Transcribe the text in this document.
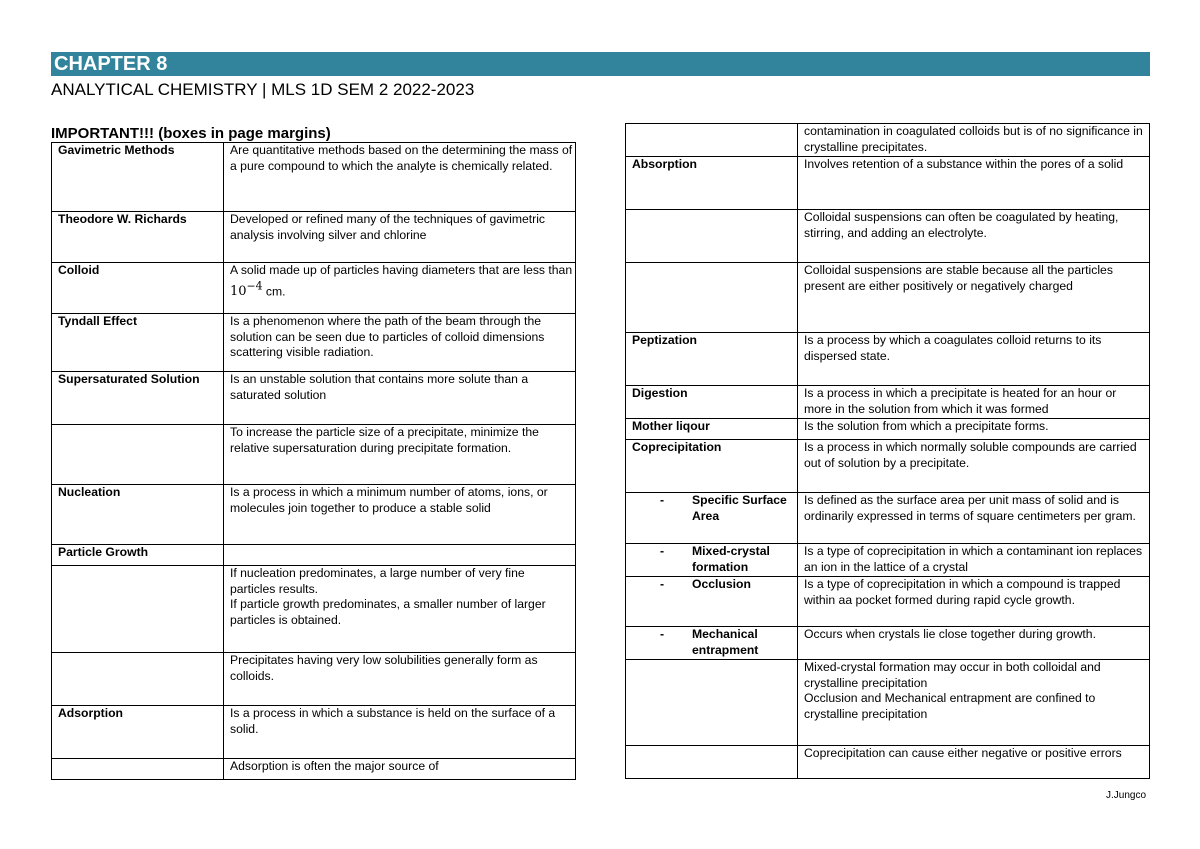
CHAPTER 8
ANALYTICAL CHEMISTRY | MLS 1D SEM 2 2022-2023
IMPORTANT!!! (boxes in page margins)
Gavimetric Methods	Are quantitative methods based on the determining the mass of a pure compound to which the analyte is chemically related.
Theodore W. Richards	Developed or refined many of the techniques of gavimetric analysis involving silver and chlorine
Colloid	A solid made up of particles having diameters that are less than $10^{-4}$ cm.
Tyndall Effect	Is a phenomenon where the path of the beam through the solution can be seen due to particles of colloid dimensions scattering visible radiation.
Supersaturated Solution	Is an unstable solution that contains more solute than a saturated solution
	To increase the particle size of a precipitate, minimize the relative supersaturation during precipitate formation.
Nucleation	Is a process in which a minimum number of atoms, ions, or molecules join together to produce a stable solid
Particle Growth	

	If nucleation predominates, a large number of very fine particles results.
If particle growth predominates, a smaller number of larger particles is obtained.

	Precipitates having very low solubilities generally form as colloids.
Adsorption	Is a process in which a substance is held on the surface of a solid.
	Adsorption is often the major source of
	contamination in coagulated colloids but is of no significance in crystalline precipitates.
Absorption	Involves retention of a substance within the pores of a solid
	Colloidal suspensions can often be coagulated by heating, stirring, and adding an electrolyte.
	Colloidal suspensions are stable because all the particles present are either positively or negatively charged
Peptization	Is a process by which a coagulates colloid returns to its dispersed state.
Digestion	Is a process in which a precipitate is heated for an hour or more in the solution from which it was formed
Mother liqour	Is the solution from which a precipitate forms.
Coprecipitation	Is a process in which normally soluble compounds are carried out of solution by a precipitate.

- Specific Surface Area	Is defined as the surface area per unit mass of solid and is ordinarily expressed in terms of square centimeters per gram.

- Mixed-crystal formation	Is a type of coprecipitation in which a contaminant ion replaces an ion in the lattice of a crystal

- Occlusion	Is a type of coprecipitation in which a compound is trapped within aa pocket formed during rapid cycle growth.

- Mechanical entrapment	Occurs when crystals lie close together during growth.

	Mixed-crystal formation may occur in both colloidal and crystalline precipitation
Occlusion and Mechanical entrapment are confined to crystalline precipitation

	Coprecipitation can cause either negative or positive errors
J.Jungco
